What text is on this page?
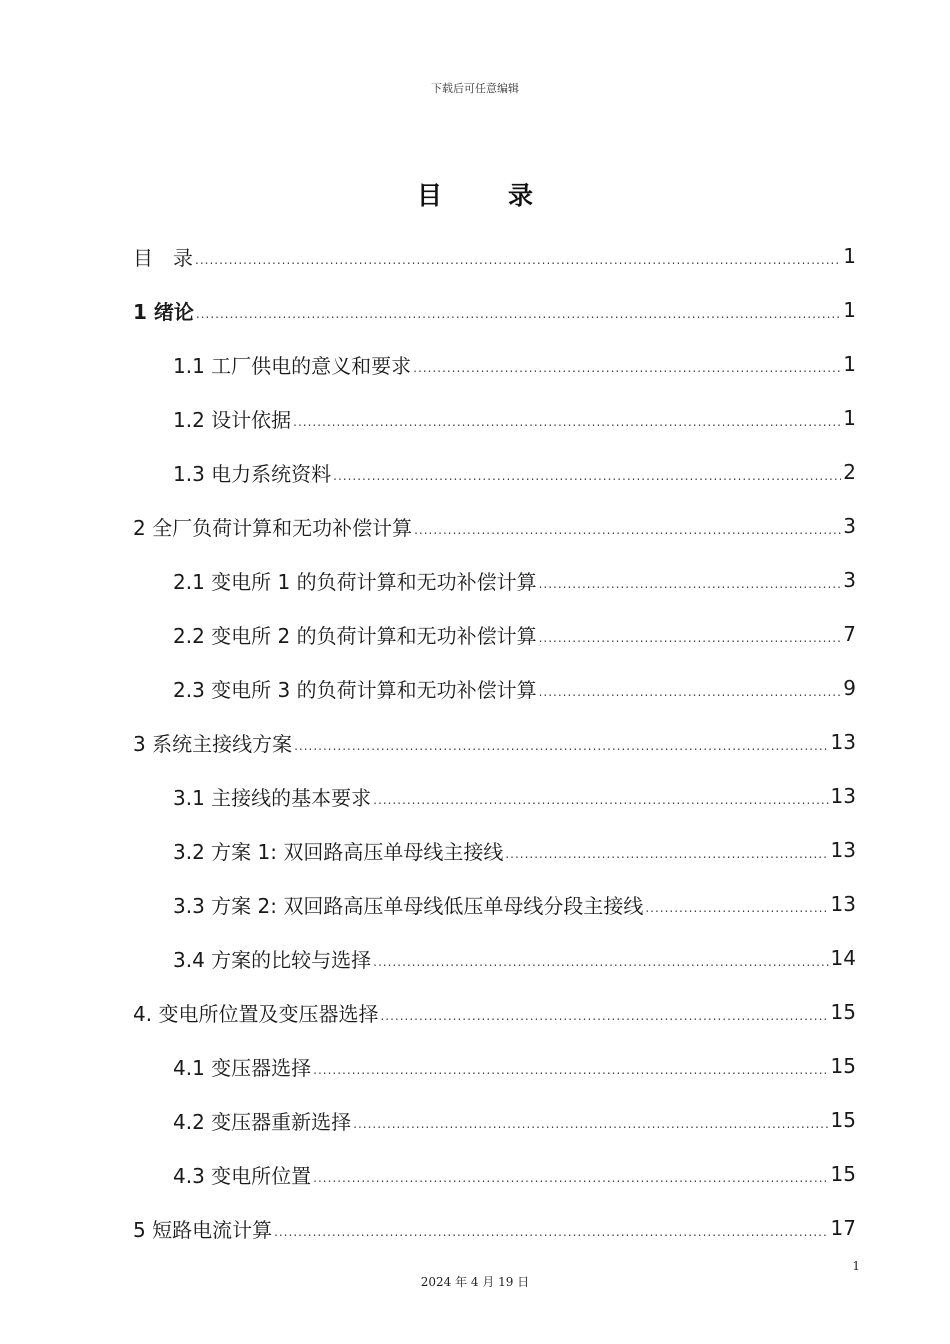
下载后可任意编辑
目	录
目　录 .....	1
1 绪论 .....	1
1.1 工厂供电的意义和要求 .....	1
1.2 设计依据 .....	1
1.3 电力系统资料 .....	2
2 全厂负荷计算和无功补偿计算 .....	3
2.1 变电所 1 的负荷计算和无功补偿计算 .....	3
2.2 变电所 2 的负荷计算和无功补偿计算 .....	7
2.3 变电所 3 的负荷计算和无功补偿计算 .....	9
3 系统主接线方案 .....	13
3.1 主接线的基本要求 .....	13
3.2 方案 1: 双回路高压单母线主接线 .....	13
3.3 方案 2: 双回路高压单母线低压单母线分段主接线 .....	13
3.4 方案的比较与选择 .....	14
4. 变电所位置及变压器选择 .....	15
4.1 变压器选择 .....	15
4.2 变压器重新选择 .....	15
4.3 变电所位置 .....	15
5 短路电流计算 .....	17
1
2024 年 4 月 19 日
